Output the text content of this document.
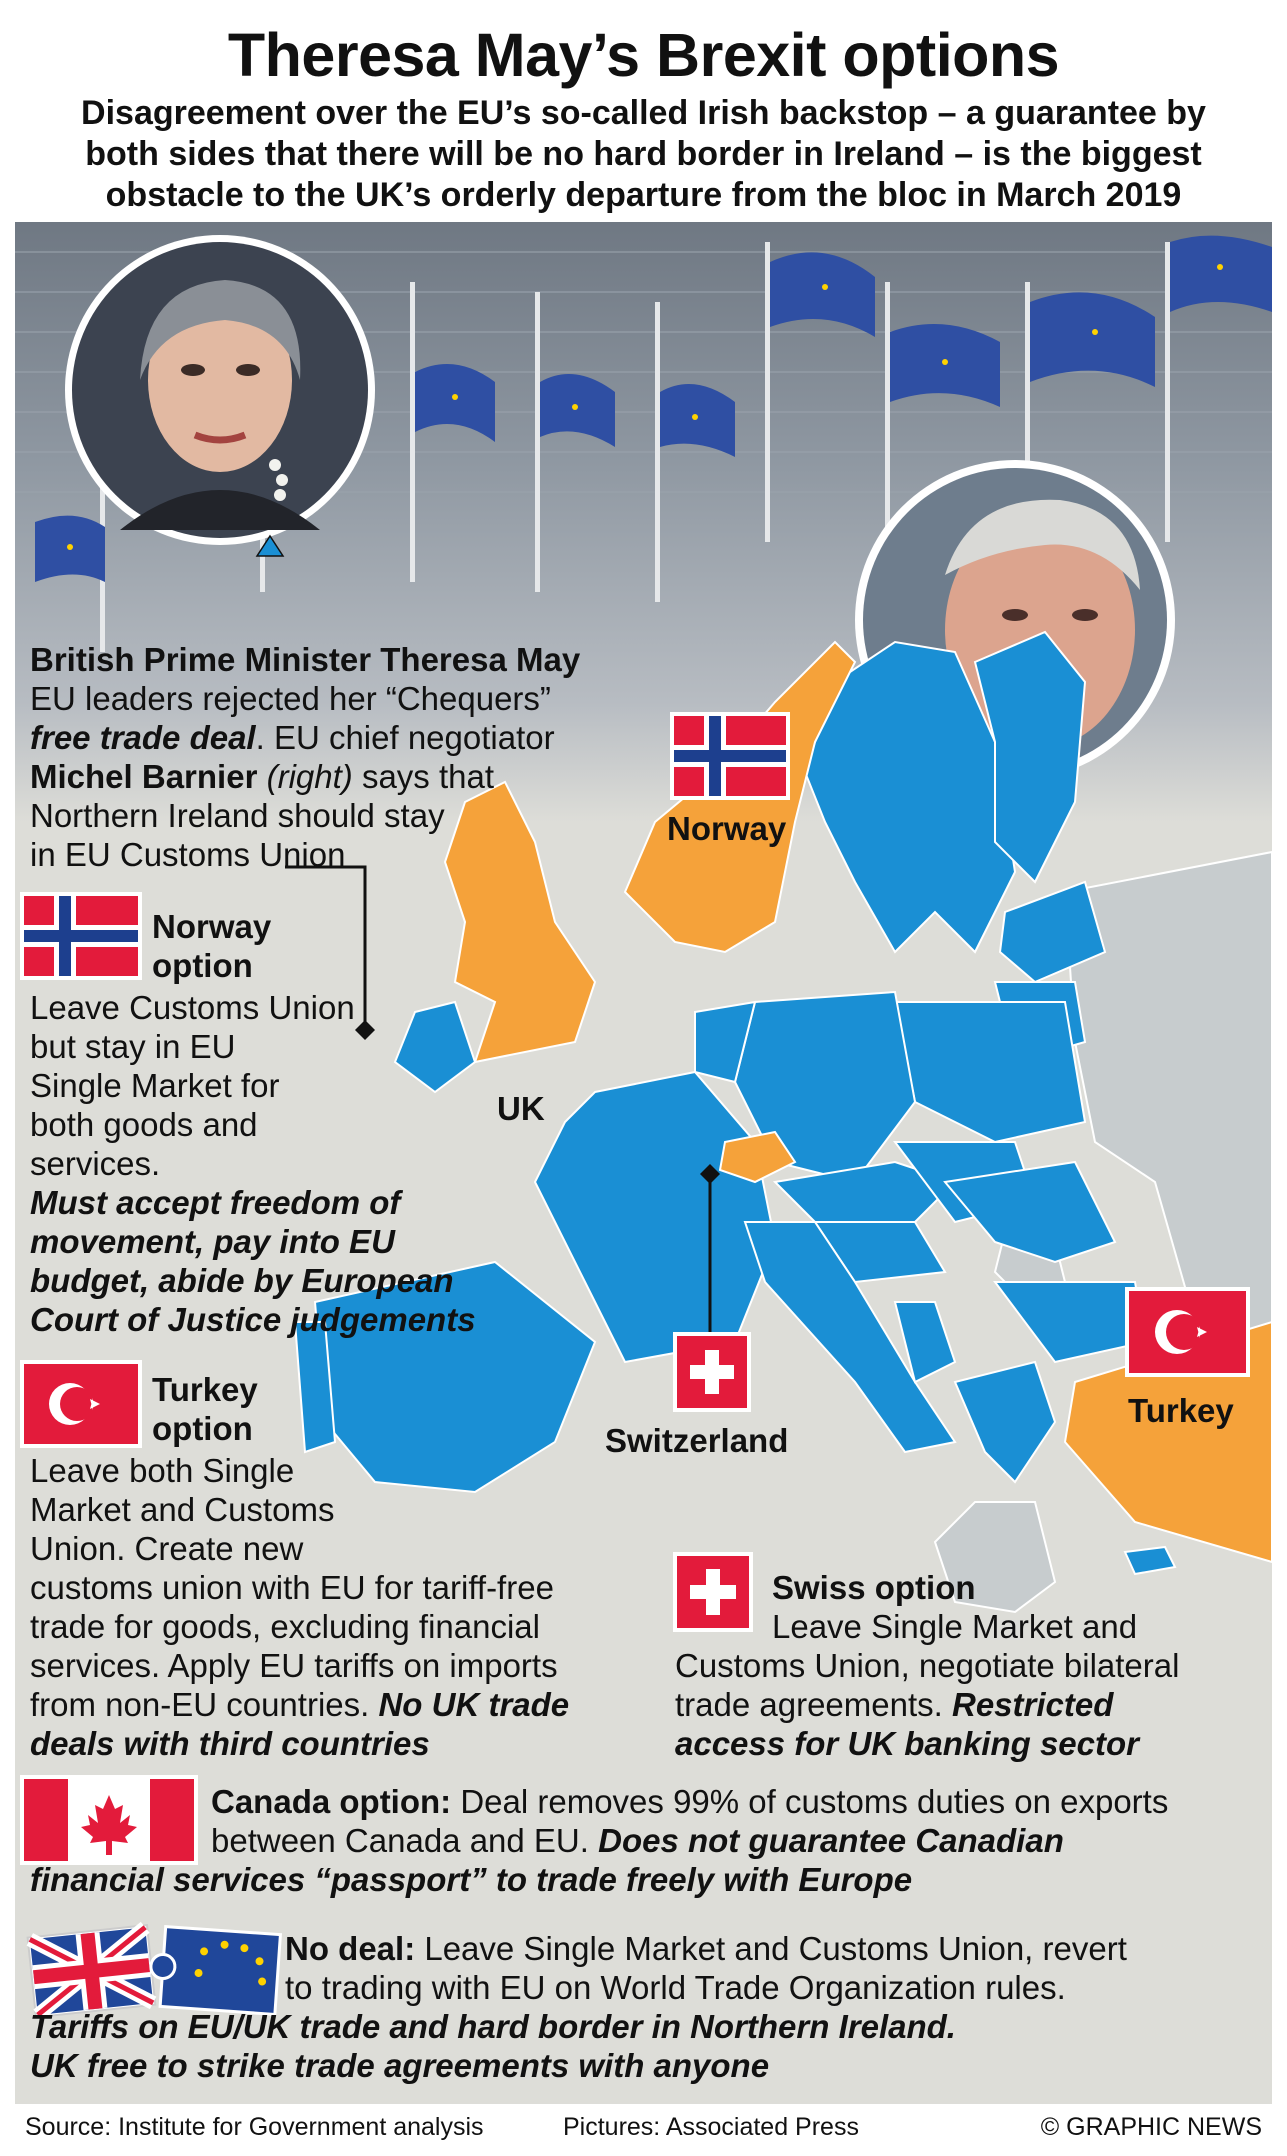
Theresa May’s Brexit options
Disagreement over the EU’s so-called Irish backstop – a guarantee by both sides that there will be no hard border in Ireland – is the biggest obstacle to the UK’s orderly departure from the bloc in March 2019
Norway
UK
Switzerland
Turkey
British Prime Minister Theresa May
EU leaders rejected her “Chequers”
free trade deal. EU chief negotiator
Michel Barnier (right) says that
Northern Ireland should stay
in EU Customs Union
Norway
option
Leave Customs Union
but stay in EU
Single Market for
both goods and
services.
Must accept freedom of
movement, pay into EU
budget, abide by European
Court of Justice judgements
Turkey
option
Leave both Single
Market and Customs
Union. Create new
customs union with EU for tariff-free
trade for goods, excluding financial
services. Apply EU tariffs on imports
from non-EU countries. No UK trade
deals with third countries
Swiss option
Leave Single Market and
Customs Union, negotiate bilateral
trade agreements. Restricted
access for UK banking sector
Canada option: Deal removes 99% of customs duties on exports
between Canada and EU. Does not guarantee Canadian
financial services “passport” to trade freely with Europe
No deal: Leave Single Market and Customs Union, revert
to trading with EU on World Trade Organization rules.
Tariffs on EU/UK trade and hard border in Northern Ireland.
UK free to strike trade agreements with anyone
Source: Institute for Government analysis	Pictures: Associated Press	© GRAPHIC NEWS
